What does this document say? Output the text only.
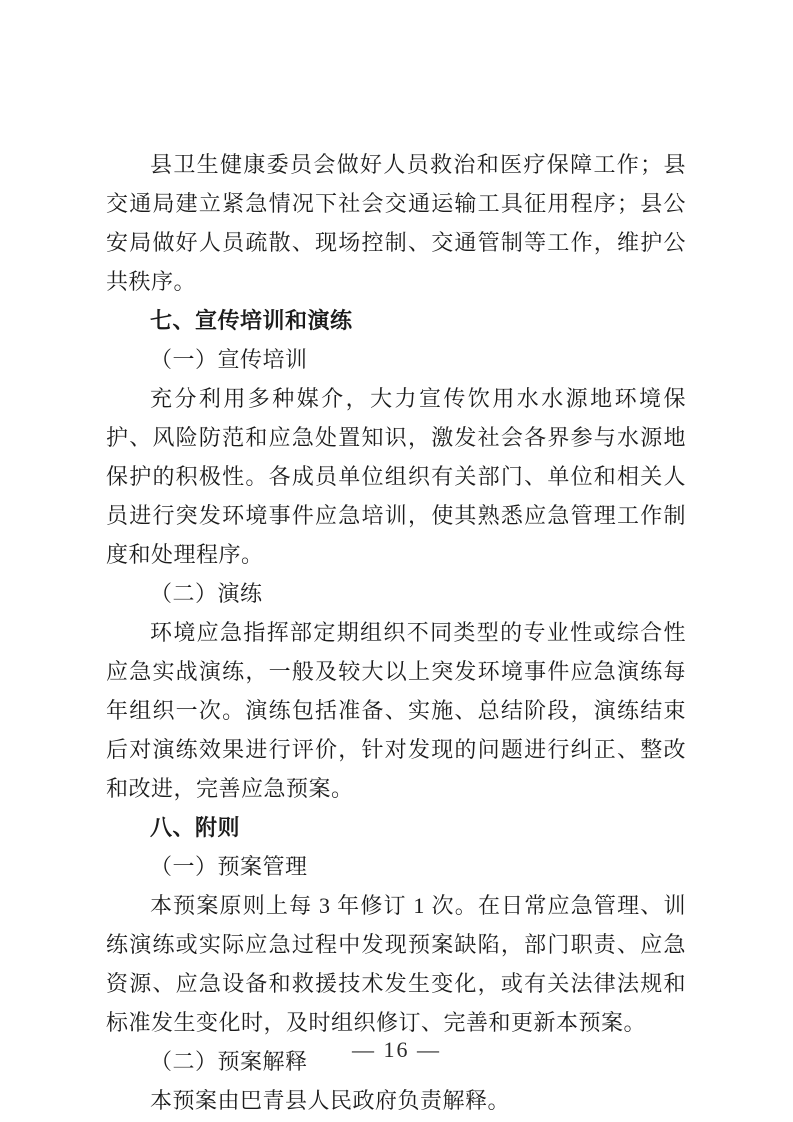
县卫生健康委员会做好人员救治和医疗保障工作；县交通局建立紧急情况下社会交通运输工具征用程序；县公安局做好人员疏散、现场控制、交通管制等工作，维护公共秩序。

七、宣传培训和演练
（一）宣传培训

充分利用多种媒介，大力宣传饮用水水源地环境保护、风险防范和应急处置知识，激发社会各界参与水源地保护的积极性。各成员单位组织有关部门、单位和相关人员进行突发环境事件应急培训，使其熟悉应急管理工作制度和处理程序。

（二）演练

环境应急指挥部定期组织不同类型的专业性或综合性应急实战演练，一般及较大以上突发环境事件应急演练每年组织一次。演练包括准备、实施、总结阶段，演练结束后对演练效果进行评价，针对发现的问题进行纠正、整改和改进，完善应急预案。

八、附则
（一）预案管理

本预案原则上每 3 年修订 1 次。在日常应急管理、训练演练或实际应急过程中发现预案缺陷，部门职责、应急资源、应急设备和救援技术发生变化，或有关法律法规和标准发生变化时，及时组织修订、完善和更新本预案。

（二）预案解释

本预案由巴青县人民政府负责解释。

— 16 —
